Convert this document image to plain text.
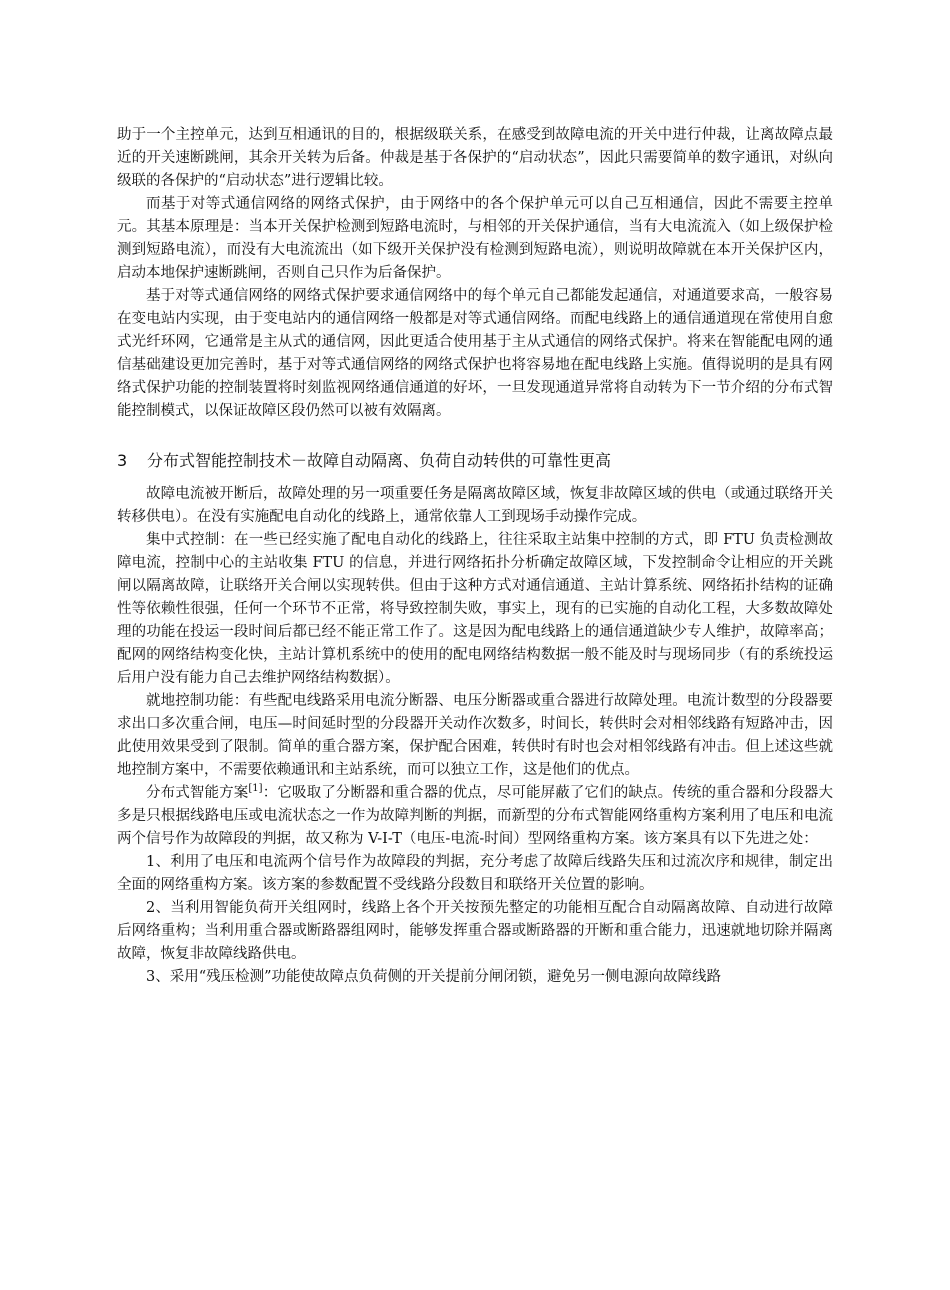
助于一个主控单元，达到互相通讯的目的，根据级联关系，在感受到故障电流的开关中进行仲裁，让离故障点最近的开关速断跳闸，其余开关转为后备。仲裁是基于各保护的“启动状态”，因此只需要简单的数字通讯，对纵向级联的各保护的“启动状态”进行逻辑比较。

而基于对等式通信网络的网络式保护，由于网络中的各个保护单元可以自己互相通信，因此不需要主控单元。其基本原理是：当本开关保护检测到短路电流时，与相邻的开关保护通信，当有大电流流入（如上级保护检测到短路电流），而没有大电流流出（如下级开关保护没有检测到短路电流），则说明故障就在本开关保护区内，启动本地保护速断跳闸，否则自己只作为后备保护。

基于对等式通信网络的网络式保护要求通信网络中的每个单元自己都能发起通信，对通道要求高，一般容易在变电站内实现，由于变电站内的通信网络一般都是对等式通信网络。而配电线路上的通信通道现在常使用自愈式光纤环网，它通常是主从式的通信网，因此更适合使用基于主从式通信的网络式保护。将来在智能配电网的通信基础建设更加完善时，基于对等式通信网络的网络式保护也将容易地在配电线路上实施。值得说明的是具有网络式保护功能的控制装置将时刻监视网络通信通道的好坏，一旦发现通道异常将自动转为下一节介绍的分布式智能控制模式，以保证故障区段仍然可以被有效隔离。

3 分布式智能控制技术－故障自动隔离、负荷自动转供的可靠性更高

故障电流被开断后，故障处理的另一项重要任务是隔离故障区域，恢复非故障区域的供电（或通过联络开关转移供电）。在没有实施配电自动化的线路上，通常依靠人工到现场手动操作完成。

集中式控制：在一些已经实施了配电自动化的线路上，往往采取主站集中控制的方式，即 FTU 负责检测故障电流，控制中心的主站收集 FTU 的信息，并进行网络拓扑分析确定故障区域，下发控制命令让相应的开关跳闸以隔离故障，让联络开关合闸以实现转供。但由于这种方式对通信通道、主站计算系统、网络拓扑结构的证确性等依赖性很强，任何一个环节不正常，将导致控制失败，事实上，现有的已实施的自动化工程，大多数故障处理的功能在投运一段时间后都已经不能正常工作了。这是因为配电线路上的通信通道缺少专人维护，故障率高；配网的网络结构变化快，主站计算机系统中的使用的配电网络结构数据一般不能及时与现场同步（有的系统投运后用户没有能力自己去维护网络结构数据）。

就地控制功能：有些配电线路采用电流分断器、电压分断器或重合器进行故障处理。电流计数型的分段器要求出口多次重合闸，电压—时间延时型的分段器开关动作次数多，时间长，转供时会对相邻线路有短路冲击，因此使用效果受到了限制。简单的重合器方案，保护配合困难，转供时有时也会对相邻线路有冲击。但上述这些就地控制方案中，不需要依赖通讯和主站系统，而可以独立工作，这是他们的优点。

分布式智能方案[1]：它吸取了分断器和重合器的优点，尽可能屏蔽了它们的缺点。传统的重合器和分段器大多是只根据线路电压或电流状态之一作为故障判断的判据，而新型的分布式智能网络重构方案利用了电压和电流两个信号作为故障段的判据，故又称为 V-I-T（电压-电流-时间）型网络重构方案。该方案具有以下先进之处：

1、利用了电压和电流两个信号作为故障段的判据，充分考虑了故障后线路失压和过流次序和规律，制定出全面的网络重构方案。该方案的参数配置不受线路分段数目和联络开关位置的影响。

2、当利用智能负荷开关组网时，线路上各个开关按预先整定的功能相互配合自动隔离故障、自动进行故障后网络重构；当利用重合器或断路器组网时，能够发挥重合器或断路器的开断和重合能力，迅速就地切除并隔离故障，恢复非故障线路供电。

3、采用“残压检测”功能使故障点负荷侧的开关提前分闸闭锁，避免另一侧电源向故障线路
